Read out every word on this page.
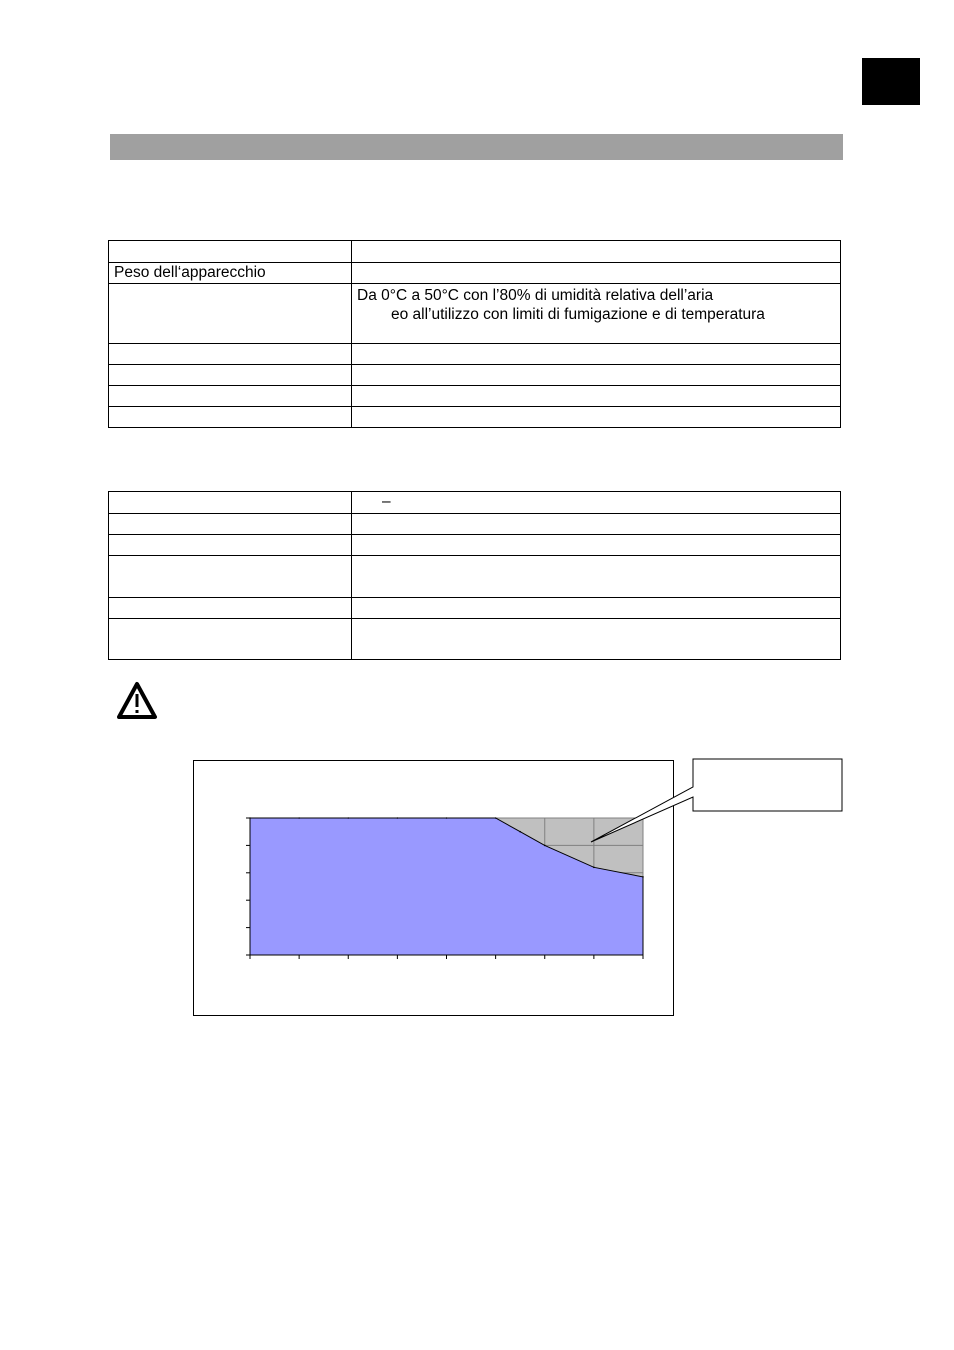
Peso dell‘apparecchio	
	Da 0°C a 50°C con l’80% di umidità relativa dell’aria
eo all’utilizzo con limiti di fumigazione e di temperatura

	–
